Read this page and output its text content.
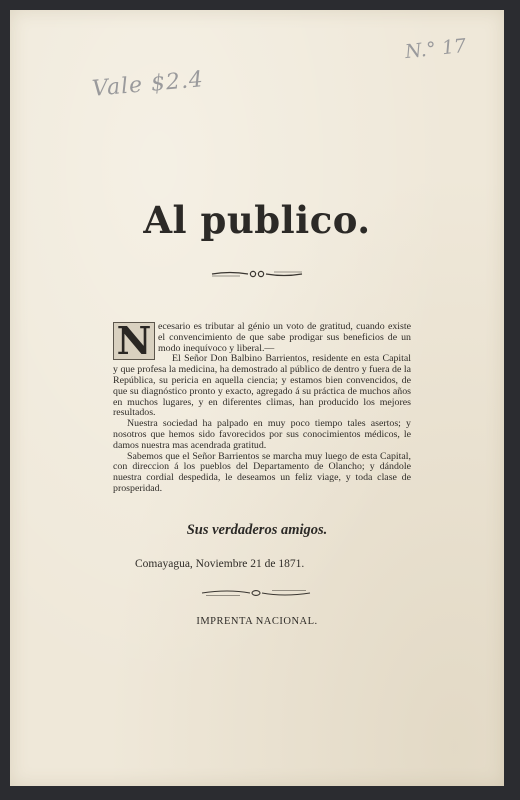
Vale $2.4
N.° 17
Al publico.

N ecesario es tributar al génio un voto de gratitud, cuando existe el convencimiento de que sabe prodigar sus beneficios de un modo inequívoco y liberal.—

El Señor Don Balbino Barrientos, residente en esta Capital y que profesa la medicina, ha demostrado al público de dentro y fuera de la República, su pericia en aquella ciencia; y estamos bien convencidos, de que su diagnóstico pronto y exacto, agregado á su práctica de muchos años en muchos lugares, y en diferentes climas, han producido los mejores resultados.

Nuestra sociedad ha palpado en muy poco tiempo tales asertos; y nosotros que hemos sido favorecidos por sus conocimientos médicos, le damos nuestra mas acendrada gratitud.

Sabemos que el Señor Barrientos se marcha muy luego de esta Capital, con direccion á los pueblos del Departamento de Olancho; y dándole nuestra cordial despedida, le deseamos un feliz viage, y toda clase de prosperidad.

Sus verdaderos amigos.
Comayagua, Noviembre 21 de 1871.
IMPRENTA NACIONAL.
